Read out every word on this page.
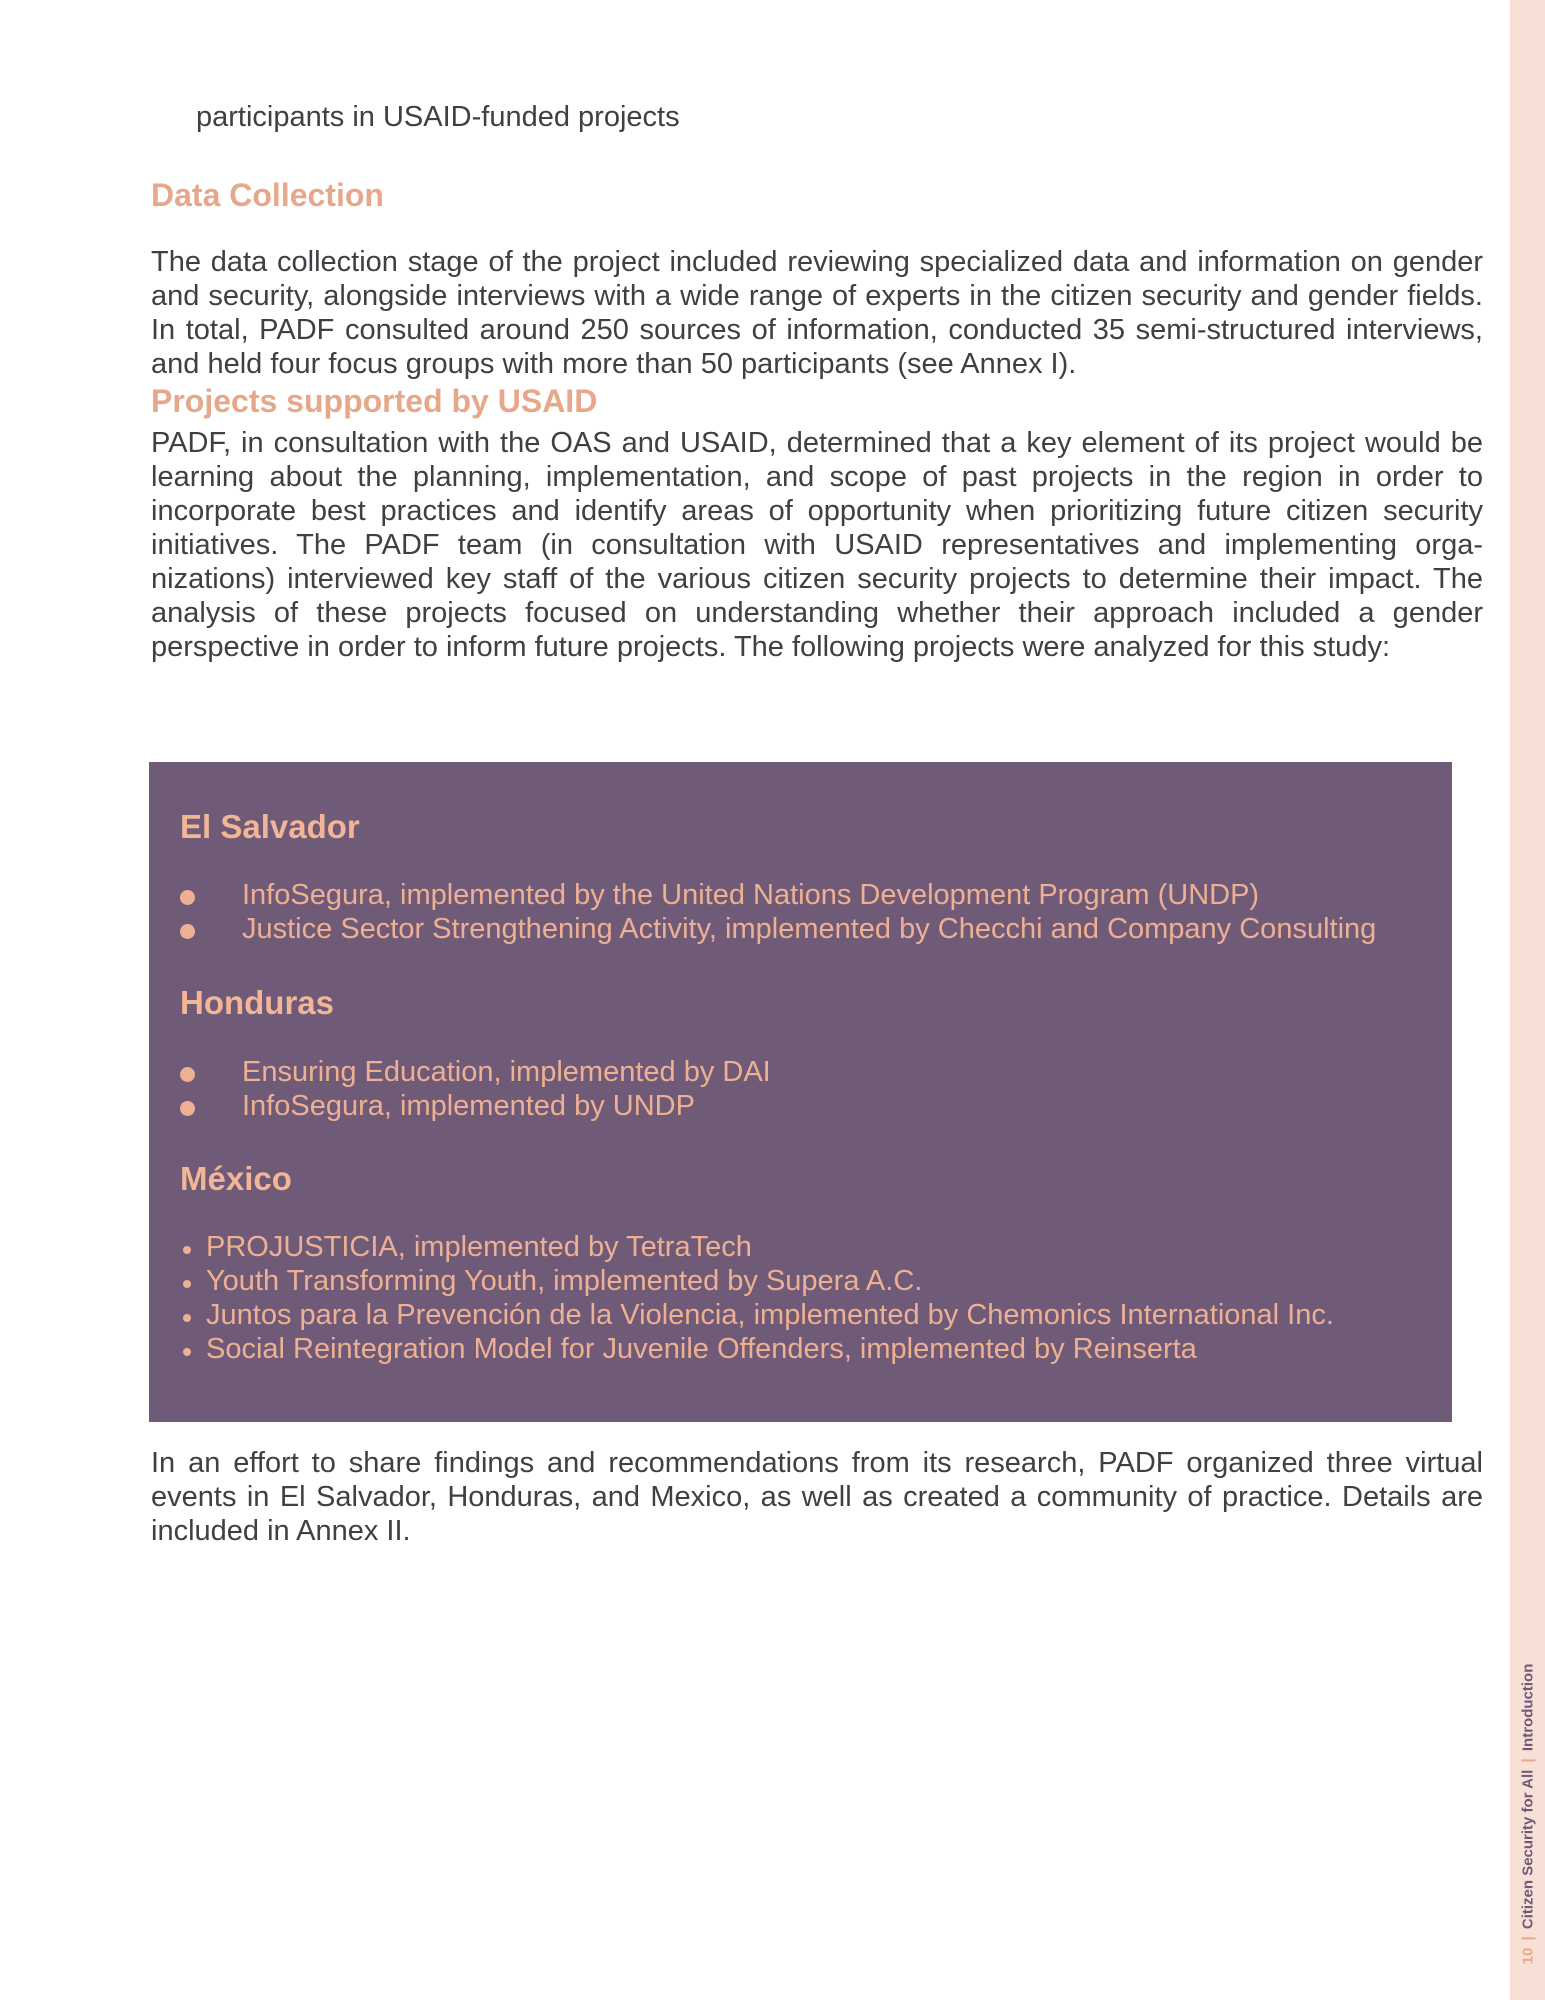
10 | Citizen Security for All | Introduction
participants in USAID-funded projects
Data Collection

The data collection stage of the project included reviewing specialized data and information on gender and security, alongside interviews with a wide range of experts in the citizen security and gender fields. In total, PADF consulted around 250 sources of information, conducted 35 semi-structured interviews, and held four focus groups with more than 50 participants (see Annex I).

Projects supported by USAID

PADF, in consultation with the OAS and USAID, determined that a key element of its project would be learning about the planning, implementation, and scope of past projects in the region in order to incorporate best practices and identify areas of opportunity when prioritizing future citizen security initiatives. The PADF team (in consultation with USAID representatives and implementing organizations) interviewed key staff of the various citizen security projects to determine their impact. The analysis of these projects focused on understanding whether their approach included a gender perspective in order to inform future projects. The following projects were analyzed for this study:

El Salvador
InfoSegura, implemented by the United Nations Development Program (UNDP)
Justice Sector Strengthening Activity, implemented by Checchi and Company Consulting
Honduras
Ensuring Education, implemented by DAI
InfoSegura, implemented by UNDP
México
PROJUSTICIA, implemented by TetraTech
Youth Transforming Youth, implemented by Supera A.C.
Juntos para la Prevención de la Violencia, implemented by Chemonics International Inc.
Social Reintegration Model for Juvenile Offenders, implemented by Reinserta

In an effort to share findings and recommendations from its research, PADF organized three virtual events in El Salvador, Honduras, and Mexico, as well as created a community of practice. Details are included in Annex II.
